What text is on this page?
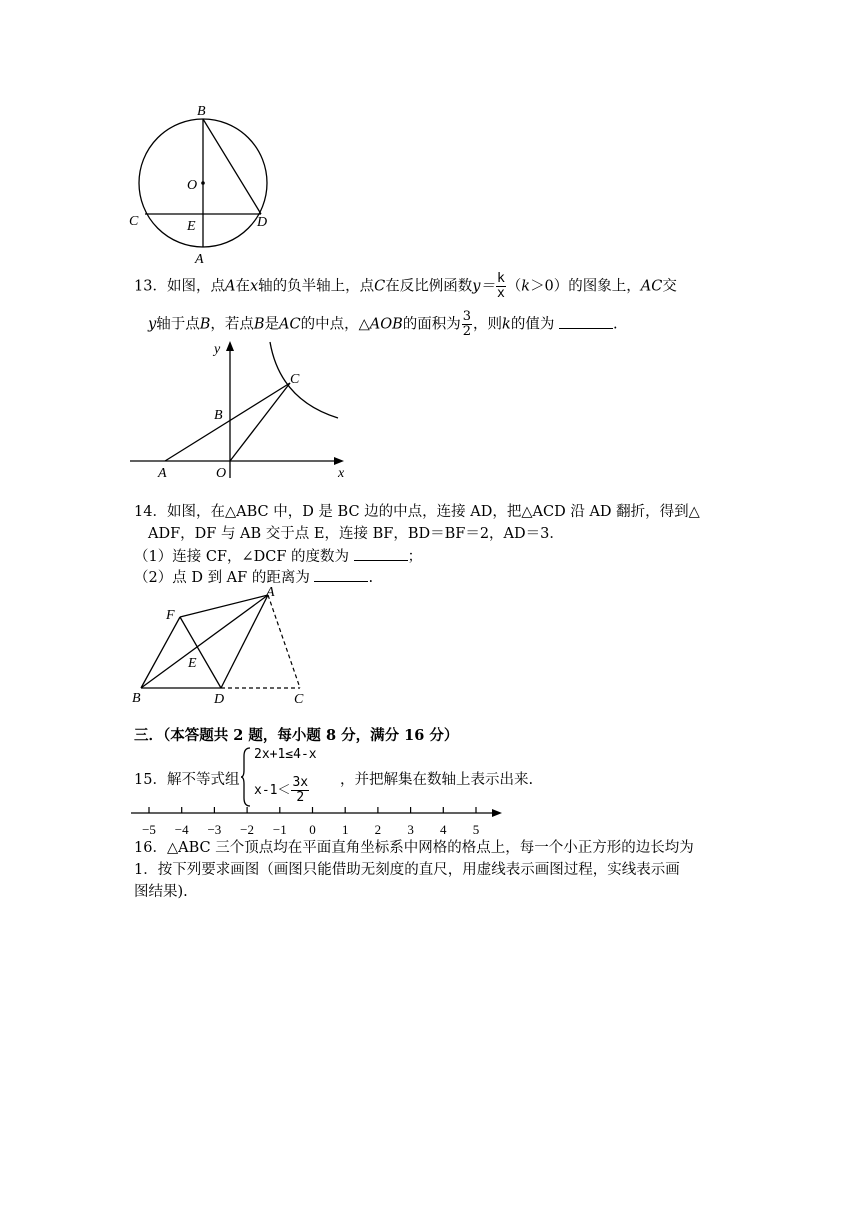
B
O
C	E	D
A
13．如图，点A在x轴的负半轴上，点C在反比例函数$y= \frac{k}{x} (k>0)$的图象上，AC交
y轴于点B，若点B是AC的中点，△AOB的面积为 $\frac{3}{2}$ ，则k的值为	.
y
C
B
A	O	x
14．如图，在△ABC 中，D 是 BC 边的中点，连接 AD，把△ACD 沿 AD 翻折，得到△
ADF，DF 与 AB 交于点 E，连接 BF，BD＝BF＝2，AD＝3．
（1）连接 CF，∠DCF 的度数为	；
（2）点 D 到 AF 的距离为	.
A
F
E
B	D	C
三．（本答题共 2 题，每小题 8 分，满分 16 分）
15．解不等式组
2x+1≤4-x
$x-1< \frac{3x}{2}$ ，并把解集在数轴上表示出来.
−5 −4 −3 −2 −1 0 1 2 3 4 5
16．△ABC 三个顶点均在平面直角坐标系中网格的格点上，每一个小正方形的边长均为
1．按下列要求画图（画图只能借助无刻度的直尺，用虚线表示画图过程，实线表示画
图结果).
